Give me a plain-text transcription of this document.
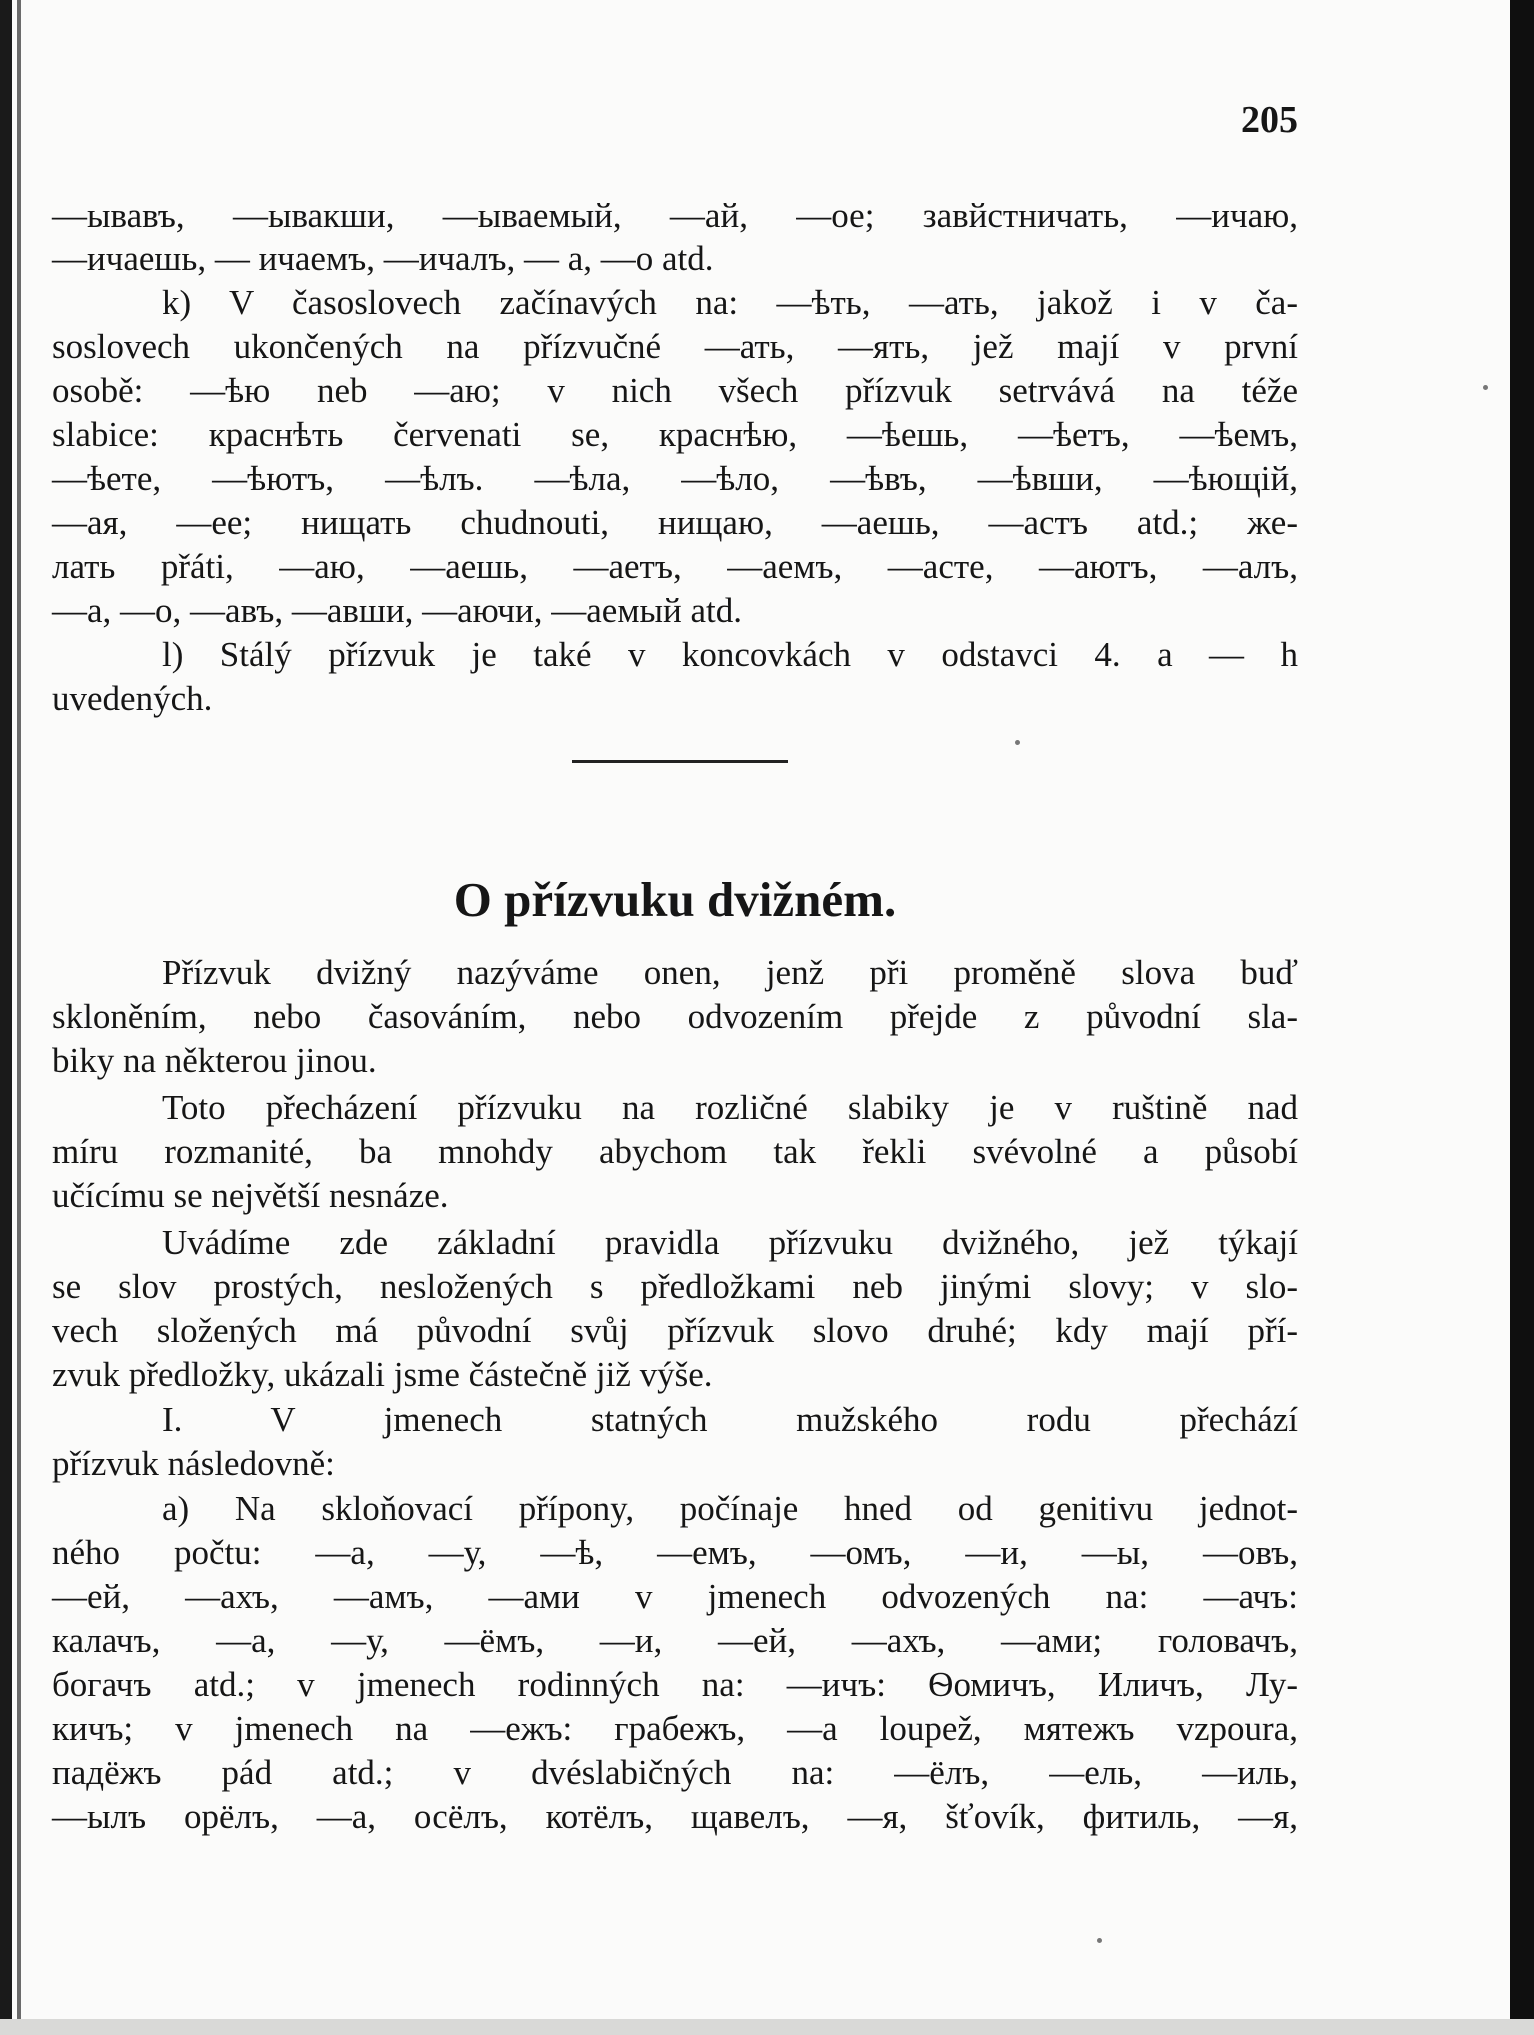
205
—ывавъ, —ывакши, —ываемый, —ай, —ое; завйстничать, —ичаю,
—ичаешь, — ичаемъ, —ичалъ, — а, —о atd.
k) V časoslovech začínavých na: —ѣть, —ать, jakož i v ča-
soslovech ukončených na přízvučné —ать, —ять, jež mají v první
osobě: —ѣю neb —аю; v nich všech přízvuk setrvává na téže
slabice: краснѣть červenati se, краснѣю, —ѣешь, —ѣетъ, —ѣемъ,
—ѣете, —ѣютъ, —ѣлъ. —ѣла, —ѣло, —ѣвъ, —ѣвши, —ѣющій,
—ая, —ее; нищать chudnouti, нищаю, —аешь, —астъ atd.; же-
лать přáti, —аю, —аешь, —аетъ, —аемъ, —асте, —аютъ, —алъ,
—а, —о, —авъ, —авши, —аючи, —аемый atd.
l) Stálý přízvuk je také v koncovkách v odstavci 4. a — h
uvedených.
O přízvuku dvižném.
Přízvuk dvižný nazýváme onen, jenž při proměně slova buď
skloněním, nebo časováním, nebo odvozením přejde z původní sla-
biky na některou jinou.
Toto přecházení přízvuku na rozličné slabiky je v ruštině nad
míru rozmanité, ba mnohdy abychom tak řekli svévolné a působí
učícímu se největší nesnáze.
Uvádíme zde základní pravidla přízvuku dvižného, jež týkají
se slov prostých, nesložených s předložkami neb jinými slovy; v slo-
vech složených má původní svůj přízvuk slovo druhé; kdy mají pří-
zvuk předložky, ukázali jsme částečně již výše.
I. V jmenech statných mužského rodu přechází
přízvuk následovně:
a) Na skloňovací přípony, počínaje hned od genitivu jednot-
ného počtu: —а, —у, —ѣ, —емъ, —омъ, —и, —ы, —овъ,
—ей, —ахъ, —амъ, —ами v jmenech odvozených na: —ачъ:
калачъ, —а, —у, —ёмъ, —и, —ей, —ахъ, —ами; головачъ,
богачъ atd.; v jmenech rodinných na: —ичъ: Ѳомичъ, Иличъ, Лу-
кичъ; v jmenech na —ежъ: грабежъ, —а loupež, мятежъ vzpoura,
падёжъ pád atd.; v dvéslabičných na: —ёлъ, —ель, —иль,
—ылъ орёлъ, —а, осёлъ, котёлъ, щавелъ, —я, šťovík, фитиль, —я,
